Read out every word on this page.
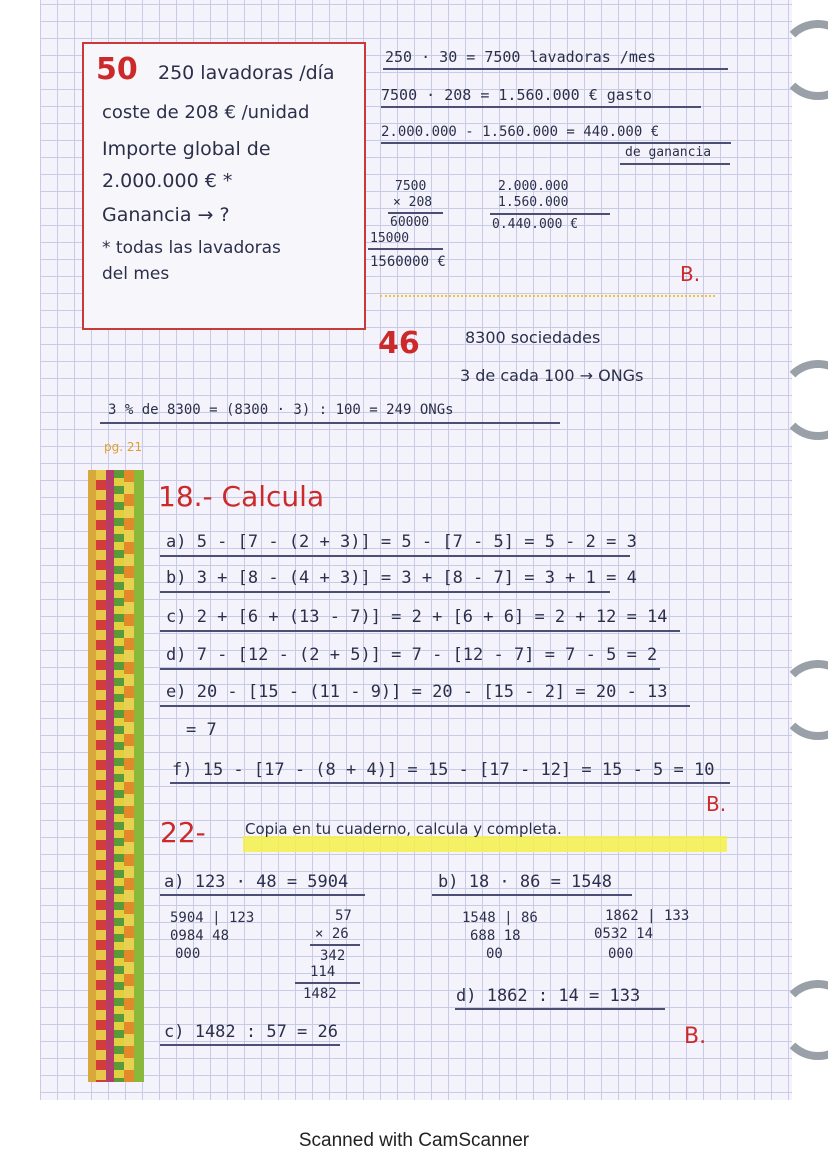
50 250 lavadoras /día
coste de 208 € /unidad
Importe global de
2.000.000 € *
Ganancia → ?
* todas las lavadoras
del mes
250 · 30 = 7500 lavadoras /mes
7500 · 208 = 1.560.000 € gasto
2.000.000 - 1.560.000 = 440.000 €
de ganancia
7500
× 208
60000
15000
1560000 €
2.000.000
1.560.000
0.440.000 €
B.
46	8300 sociedades
3 de cada 100 → ONGs
3 % de 8300 = (8300 · 3) : 100 = 249 ONGs
pg. 21
18.- Calcula
a) 5 - [7 - (2 + 3)] = 5 - [7 - 5] = 5 - 2 = 3
b) 3 + [8 - (4 + 3)] = 3 + [8 - 7] = 3 + 1 = 4
c) 2 + [6 + (13 - 7)] = 2 + [6 + 6] = 2 + 12 = 14
d) 7 - [12 - (2 + 5)] = 7 - [12 - 7] = 7 - 5 = 2
e) 20 - [15 - (11 - 9)] = 20 - [15 - 2] = 20 - 13
= 7
f) 15 - [17 - (8 + 4)] = 15 - [17 - 12] = 15 - 5 = 10
B.
22-	Copia en tu cuaderno, calcula y completa.
a) 123 · 48 = 5904
5904 | 123
0984 48
000
57
× 26
342
114
1482
b) 18 · 86 = 1548
1548 | 86
688 18
00
1862 | 133
0532 14
000
d) 1862 : 14 = 133
c) 1482 : 57 = 26	B.
Scanned with CamScanner
